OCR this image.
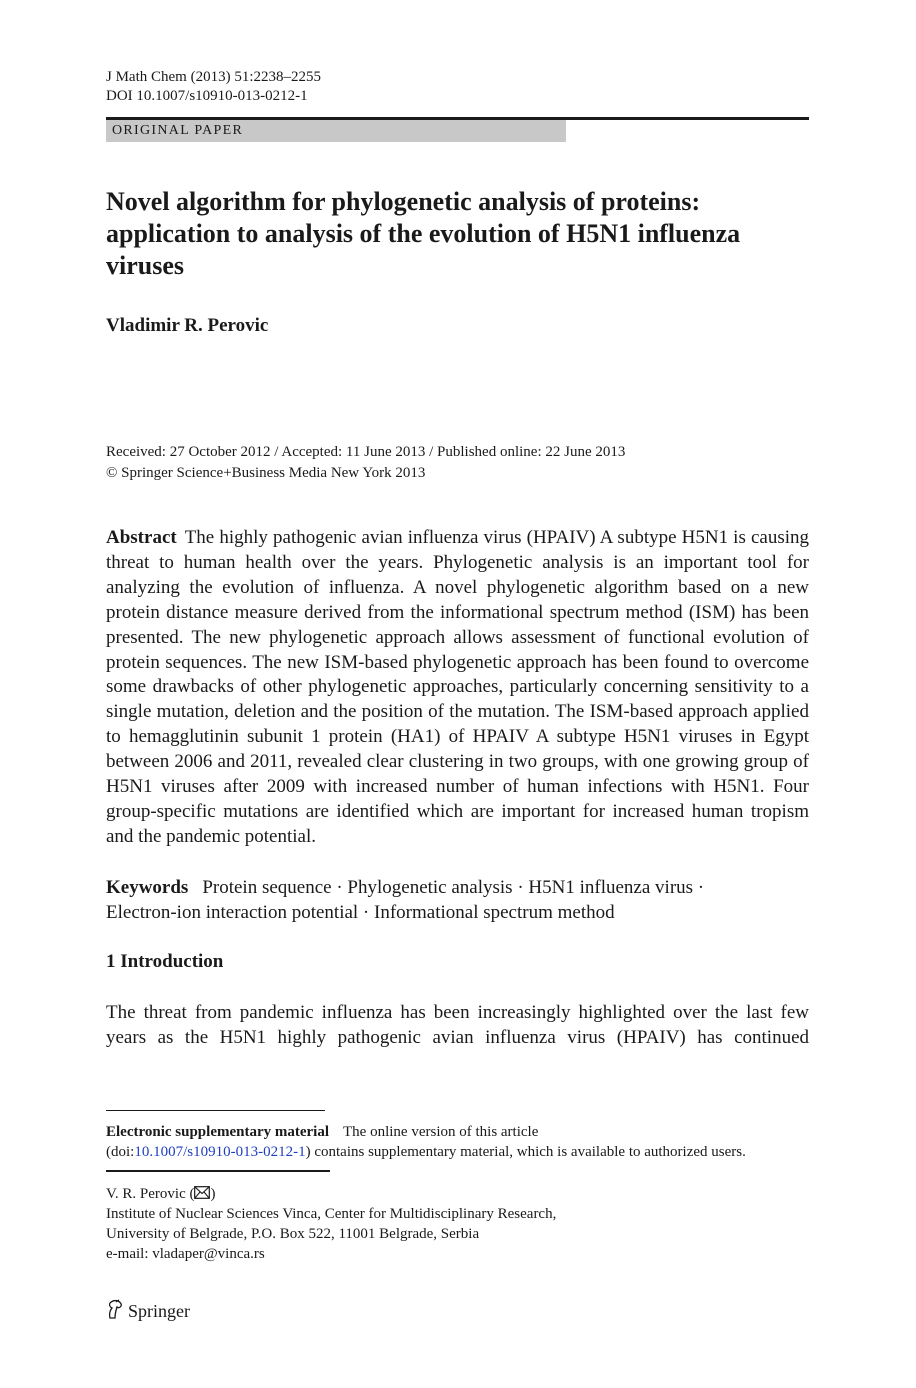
J Math Chem (2013) 51:2238–2255
DOI 10.1007/s10910-013-0212-1
ORIGINAL PAPER
Novel algorithm for phylogenetic analysis of proteins: application to analysis of the evolution of H5N1 influenza viruses
Vladimir R. Perovic
Received: 27 October 2012 / Accepted: 11 June 2013 / Published online: 22 June 2013
© Springer Science+Business Media New York 2013

Abstract The highly pathogenic avian influenza virus (HPAIV) A subtype H5N1 is causing threat to human health over the years. Phylogenetic analysis is an important tool for analyzing the evolution of influenza. A novel phylogenetic algorithm based on a new protein distance measure derived from the informational spectrum method (ISM) has been presented. The new phylogenetic approach allows assessment of functional evolution of protein sequences. The new ISM-based phylogenetic approach has been found to overcome some drawbacks of other phylogenetic approaches, particularly concerning sensitivity to a single mutation, deletion and the position of the mutation. The ISM-based approach applied to hemagglutinin subunit 1 protein (HA1) of HPAIV A subtype H5N1 viruses in Egypt between 2006 and 2011, revealed clear clustering in two groups, with one growing group of H5N1 viruses after 2009 with increased number of human infections with H5N1. Four group-specific mutations are identified which are important for increased human tropism and the pandemic potential.

Keywords Protein sequence · Phylogenetic analysis · H5N1 influenza virus ·
Electron-ion interaction potential · Informational spectrum method
1 Introduction
The threat from pandemic influenza has been increasingly highlighted over the last few
years as the H5N1 highly pathogenic avian influenza virus (HPAIV) has continued
Electronic supplementary material The online version of this article
(doi:10.1007/s10910-013-0212-1) contains supplementary material, which is available to authorized users.
V. R. Perovic ( )
Institute of Nuclear Sciences Vinca, Center for Multidisciplinary Research,
University of Belgrade, P.O. Box 522, 11001 Belgrade, Serbia
e-mail: vladaper@vinca.rs
Springer
